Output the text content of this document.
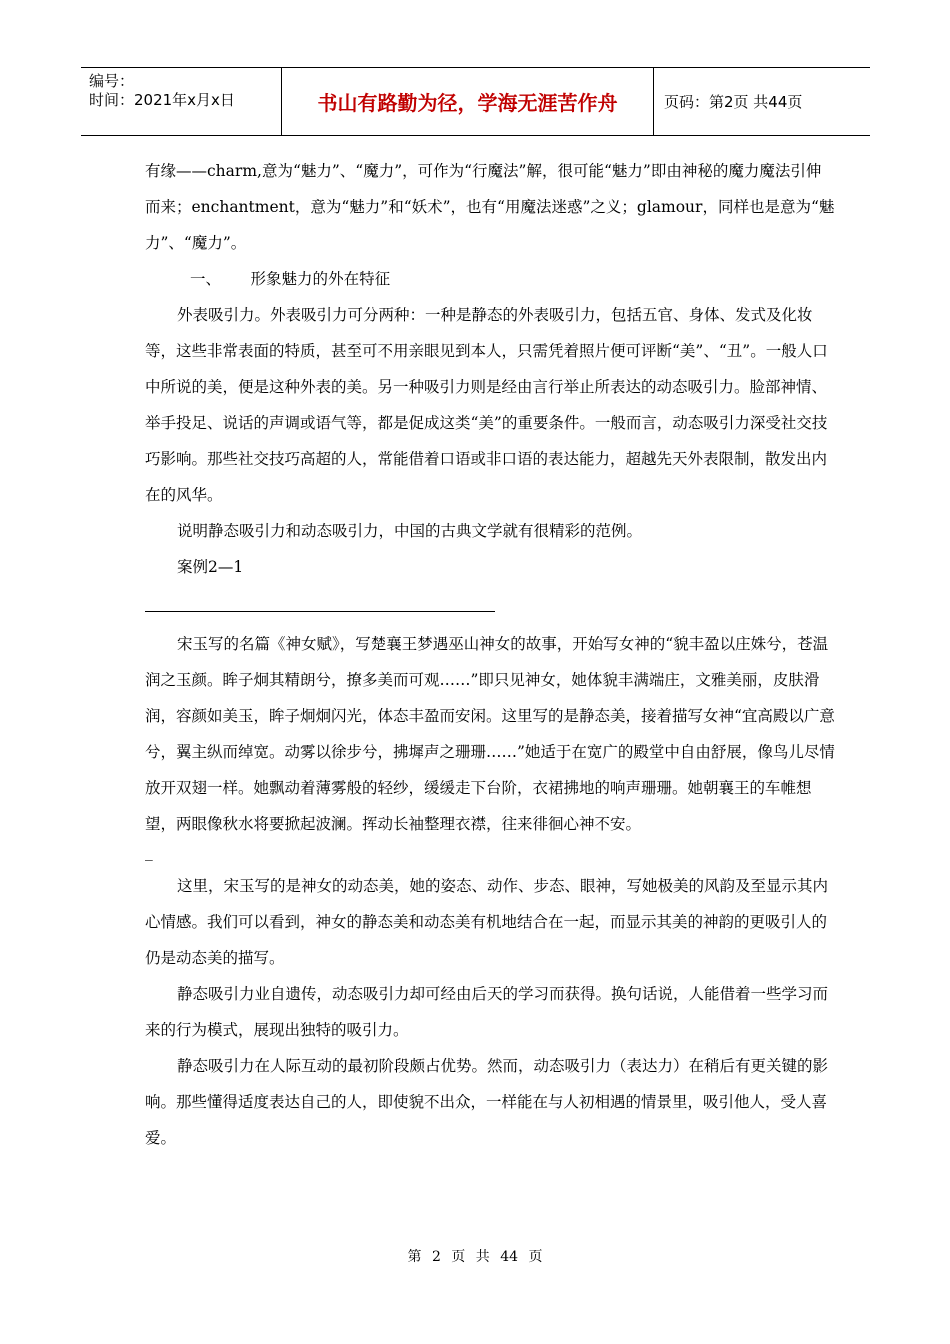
编号：
时间：2021年x月x日	书山有路勤为径，学海无涯苦作舟	页码：第2页 共44页

有缘——charm,意为“魅力”、“魔力”，可作为“行魔法”解，很可能“魅力”即由神秘的魔力魔法引伸而来；enchantment，意为“魅力”和“妖术”，也有“用魔法迷惑”之义；glamour，同样也是意为“魅力”、“魔力”。

一、      形象魅力的外在特征

外表吸引力。外表吸引力可分两种：一种是静态的外表吸引力，包括五官、身体、发式及化妆等，这些非常表面的特质，甚至可不用亲眼见到本人，只需凭着照片便可评断“美”、“丑”。一般人口中所说的美，便是这种外表的美。另一种吸引力则是经由言行举止所表达的动态吸引力。脸部神情、举手投足、说话的声调或语气等，都是促成这类“美”的重要条件。一般而言，动态吸引力深受社交技巧影响。那些社交技巧高超的人，常能借着口语或非口语的表达能力，超越先天外表限制，散发出内在的风华。

说明静态吸引力和动态吸引力，中国的古典文学就有很精彩的范例。

案例2—1

宋玉写的名篇《神女赋》，写楚襄王梦遇巫山神女的故事，开始写女神的“貌丰盈以庄姝兮，苍温润之玉颜。眸子炯其精朗兮，撩多美而可观……”即只见神女，她体貌丰满端庄，文雅美丽，皮肤滑润，容颜如美玉，眸子炯炯闪光，体态丰盈而安闲。这里写的是静态美，接着描写女神“宜高殿以广意兮，翼主纵而绰宽。动雾以徐步兮，拂墀声之珊珊……”她适于在宽广的殿堂中自由舒展，像鸟儿尽情放开双翅一样。她飘动着薄雾般的轻纱，缓缓走下台阶，衣裙拂地的响声珊珊。她朝襄王的车帷想望，两眼像秋水将要掀起波澜。挥动长袖整理衣襟，往来徘徊心神不安。

_

这里，宋玉写的是神女的动态美，她的姿态、动作、步态、眼神，写她极美的风韵及至显示其内心情感。我们可以看到，神女的静态美和动态美有机地结合在一起，而显示其美的神韵的更吸引人的仍是动态美的描写。

静态吸引力业自遗传，动态吸引力却可经由后天的学习而获得。换句话说，人能借着一些学习而来的行为模式，展现出独特的吸引力。

静态吸引力在人际互动的最初阶段颇占优势。然而，动态吸引力（表达力）在稍后有更关键的影响。那些懂得适度表达自己的人，即使貌不出众，一样能在与人初相遇的情景里，吸引他人，受人喜爱。

第 2 页 共 44 页
